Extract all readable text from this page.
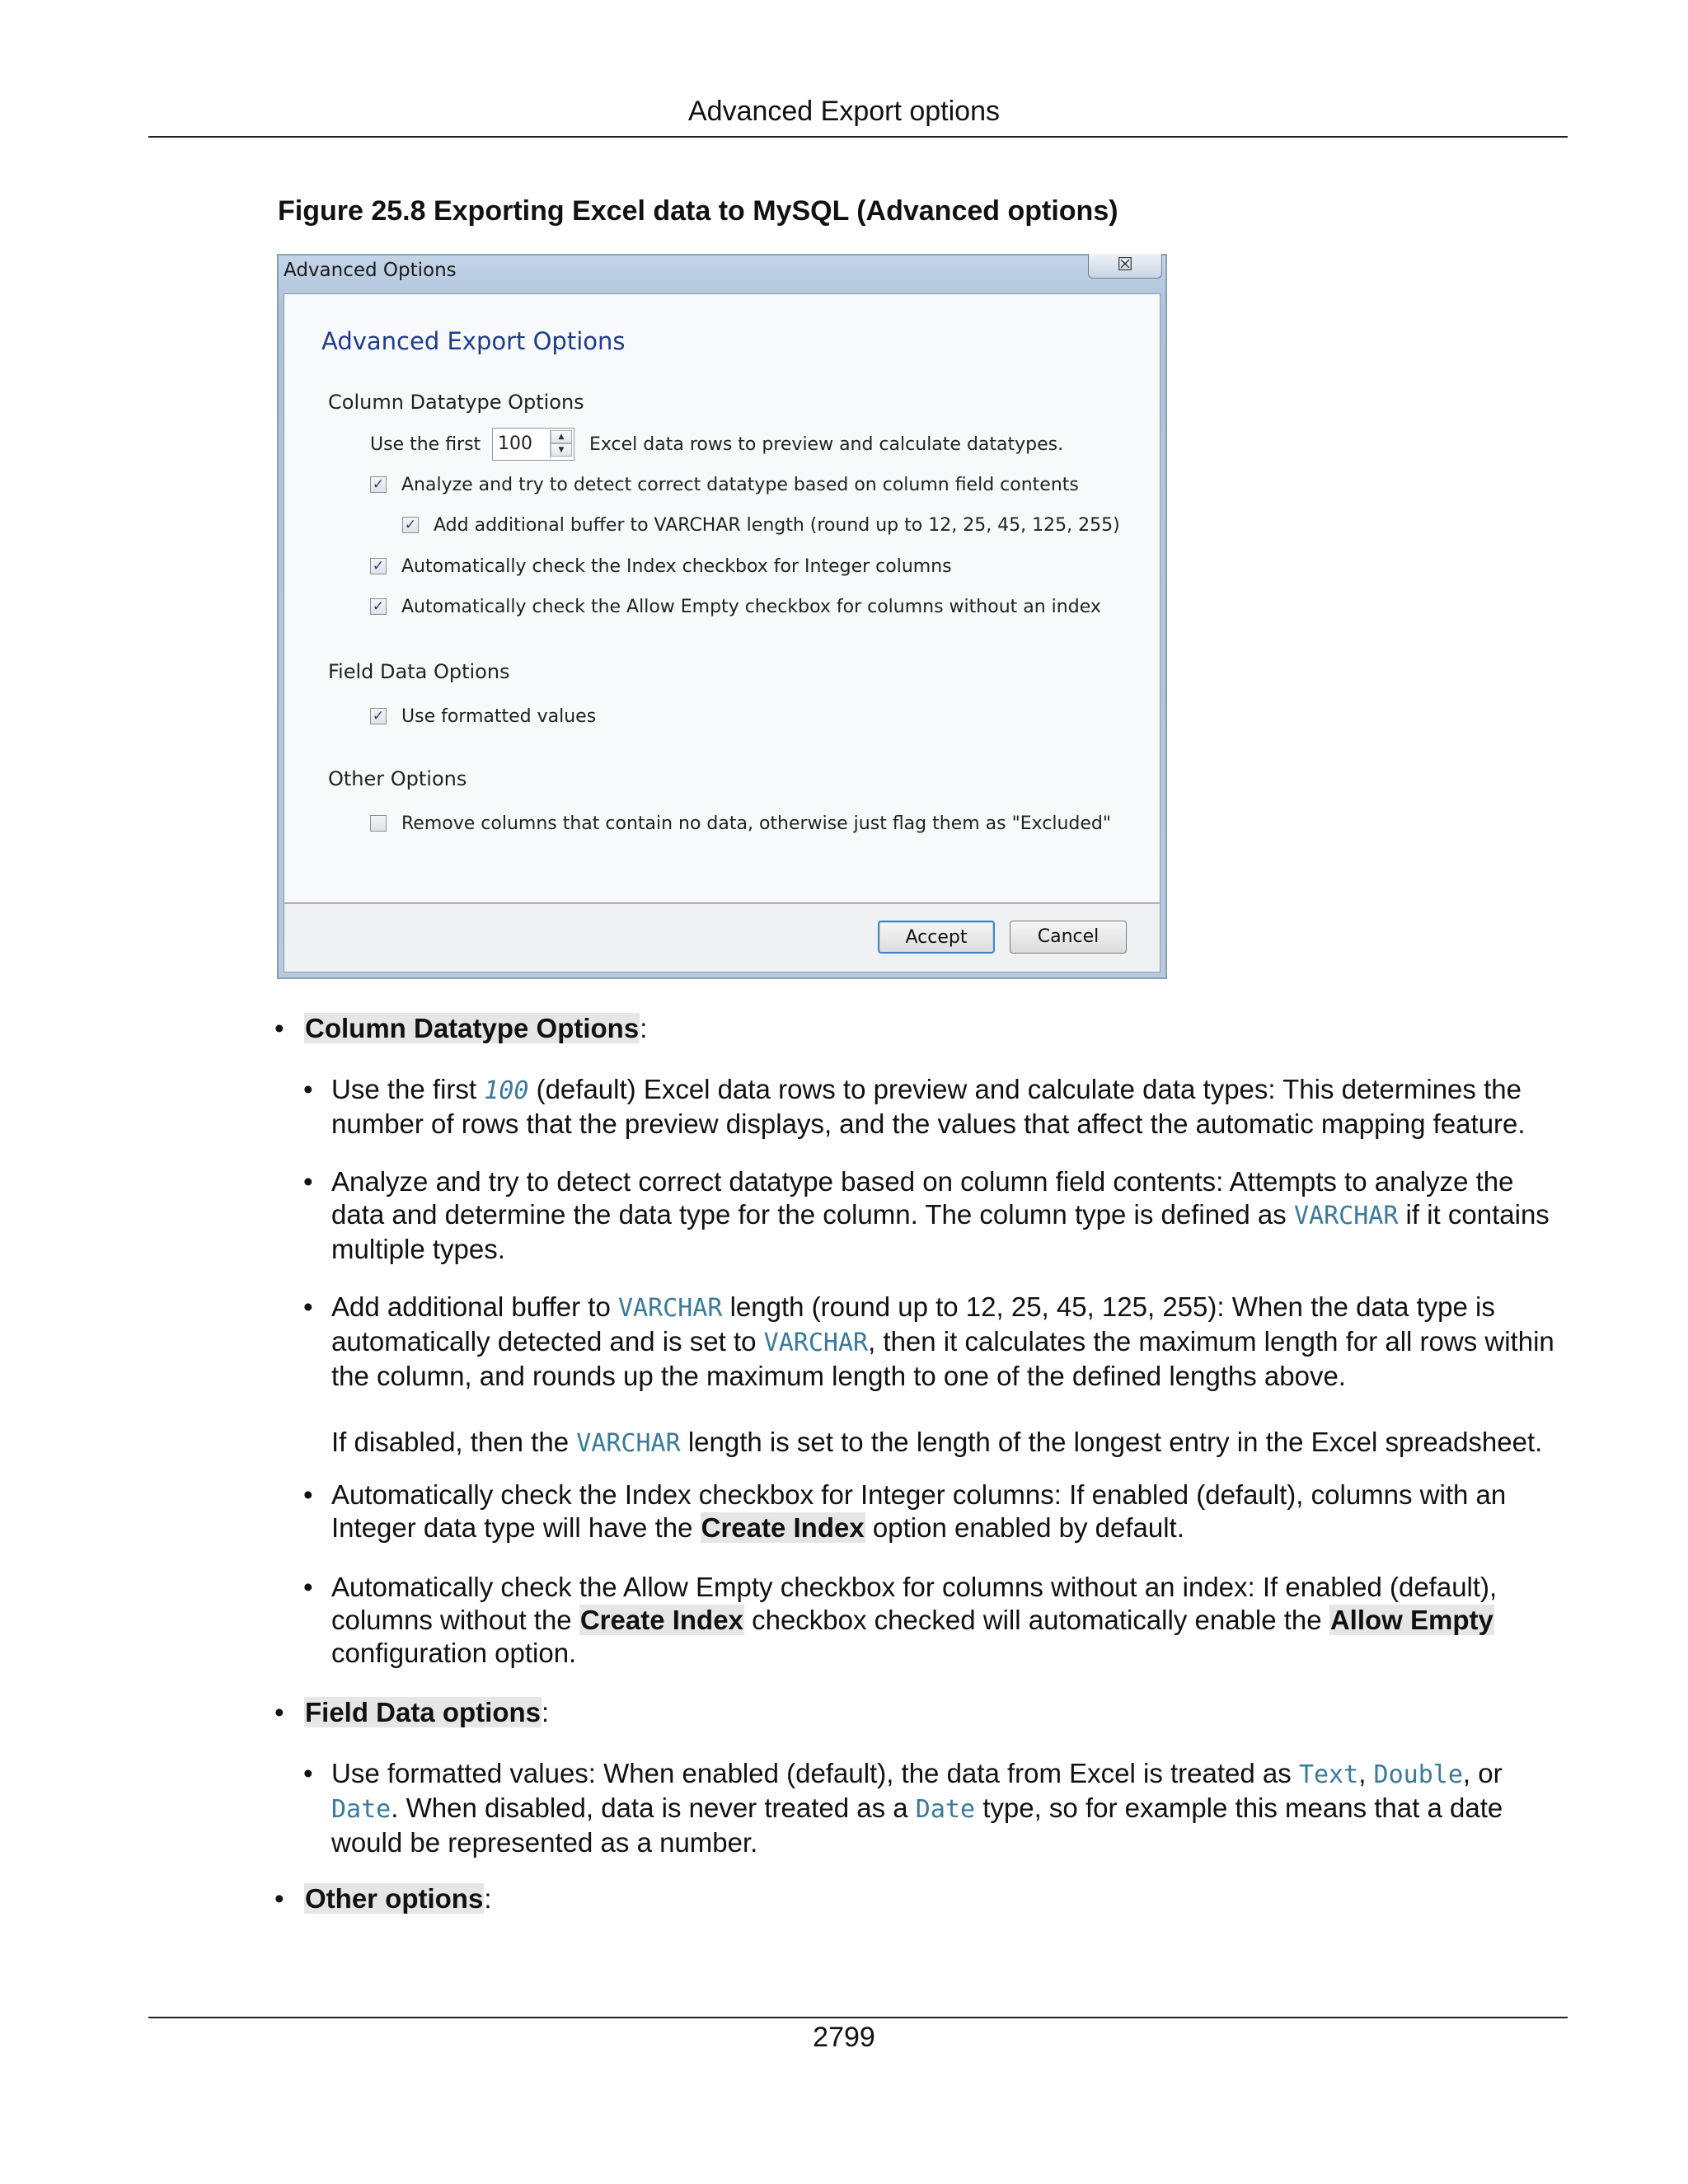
Advanced Export options
Figure 25.8 Exporting Excel data to MySQL (Advanced options)
Advanced Options	☒
Advanced Export Options
Column Datatype Options
Use the first 100	▲
▼	Excel data rows to preview and calculate datatypes.
✓ Analyze and try to detect correct datatype based on column field contents
✓ Add additional buffer to VARCHAR length (round up to 12, 25, 45, 125, 255)
✓ Automatically check the Index checkbox for Integer columns
✓ Automatically check the Allow Empty checkbox for columns without an index
Field Data Options
✓ Use formatted values
Other Options
Remove columns that contain no data, otherwise just flag them as "Excluded"
Accept	Cancel
• Column Datatype Options:
• Use the first 100 (default) Excel data rows to preview and calculate data types: This determines the number of rows that the preview displays, and the values that affect the automatic mapping feature.

• Analyze and try to detect correct datatype based on column field contents: Attempts to analyze the data and determine the data type for the column. The column type is defined as VARCHAR if it contains multiple types.

• Add additional buffer to VARCHAR length (round up to 12, 25, 45, 125, 255): When the data type is automatically detected and is set to VARCHAR, then it calculates the maximum length for all rows within the column, and rounds up the maximum length to one of the defined lengths above.

If disabled, then the VARCHAR length is set to the length of the longest entry in the Excel spreadsheet.

• Automatically check the Index checkbox for Integer columns: If enabled (default), columns with an Integer data type will have the Create Index option enabled by default.

• Automatically check the Allow Empty checkbox for columns without an index: If enabled (default), columns without the Create Index checkbox checked will automatically enable the Allow Empty configuration option.

• Field Data options:
• Use formatted values: When enabled (default), the data from Excel is treated as Text, Double, or Date. When disabled, data is never treated as a Date type, so for example this means that a date would be represented as a number.

• Other options:
2799
